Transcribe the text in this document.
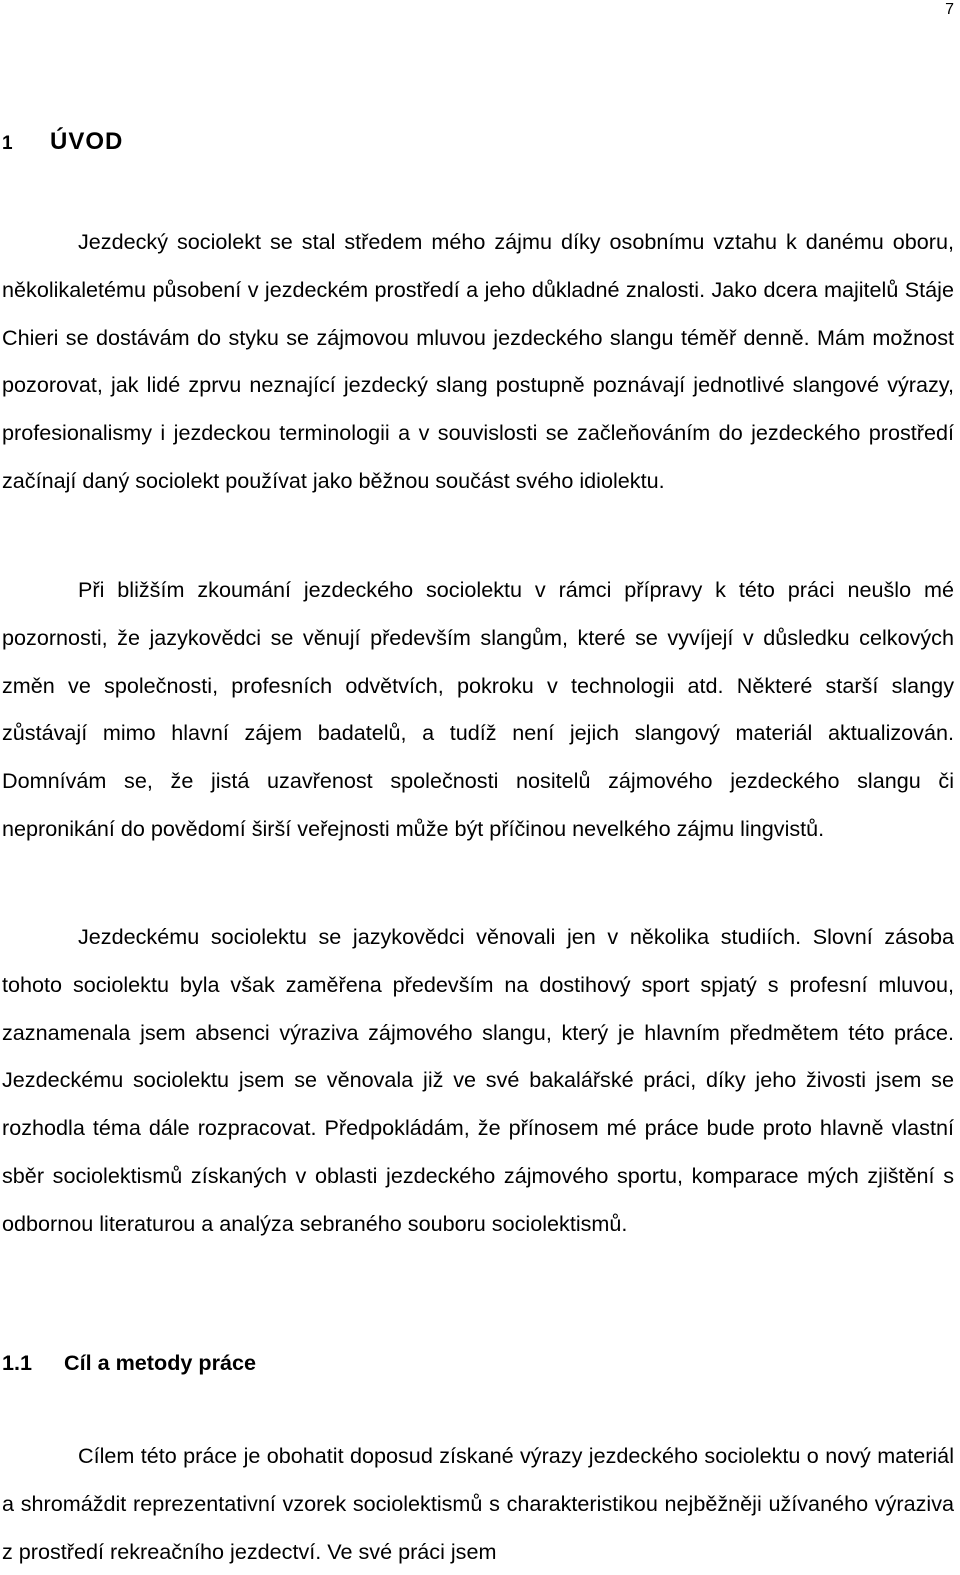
7
1 ÚVOD

Jezdecký sociolekt se stal středem mého zájmu díky osobnímu vztahu k danému oboru, několikaletému působení v jezdeckém prostředí a jeho důkladné znalosti. Jako dcera majitelů Stáje Chieri se dostávám do styku se zájmovou mluvou jezdeckého slangu téměř denně. Mám možnost pozorovat, jak lidé zprvu neznající jezdecký slang postupně poznávají jednotlivé slangové výrazy, profesionalismy i jezdeckou terminologii a v souvislosti se začleňováním do jezdeckého prostředí začínají daný sociolekt používat jako běžnou součást svého idiolektu.

Při bližším zkoumání jezdeckého sociolektu v rámci přípravy k této práci neušlo mé pozornosti, že jazykovědci se věnují především slangům, které se vyvíjejí v důsledku celkových změn ve společnosti, profesních odvětvích, pokroku v technologii atd. Některé starší slangy zůstávají mimo hlavní zájem badatelů, a tudíž není jejich slangový materiál aktualizován. Domnívám se, že jistá uzavřenost společnosti nositelů zájmového jezdeckého slangu či nepronikání do povědomí širší veřejnosti může být příčinou nevelkého zájmu lingvistů.

Jezdeckému sociolektu se jazykovědci věnovali jen v několika studiích. Slovní zásoba tohoto sociolektu byla však zaměřena především na dostihový sport spjatý s profesní mluvou, zaznamenala jsem absenci výraziva zájmového slangu, který je hlavním předmětem této práce. Jezdeckému sociolektu jsem se věnovala již ve své bakalářské práci, díky jeho živosti jsem se rozhodla téma dále rozpracovat. Předpokládám, že přínosem mé práce bude proto hlavně vlastní sběr sociolektismů získaných v oblasti jezdeckého zájmového sportu, komparace mých zjištění s odbornou literaturou a analýza sebraného souboru sociolektismů.

1.1 Cíl a metody práce

Cílem této práce je obohatit doposud získané výrazy jezdeckého sociolektu o nový materiál a shromáždit reprezentativní vzorek sociolektismů s charakteristikou nejběžněji užívaného výraziva z prostředí rekreačního jezdectví. Ve své práci jsem
